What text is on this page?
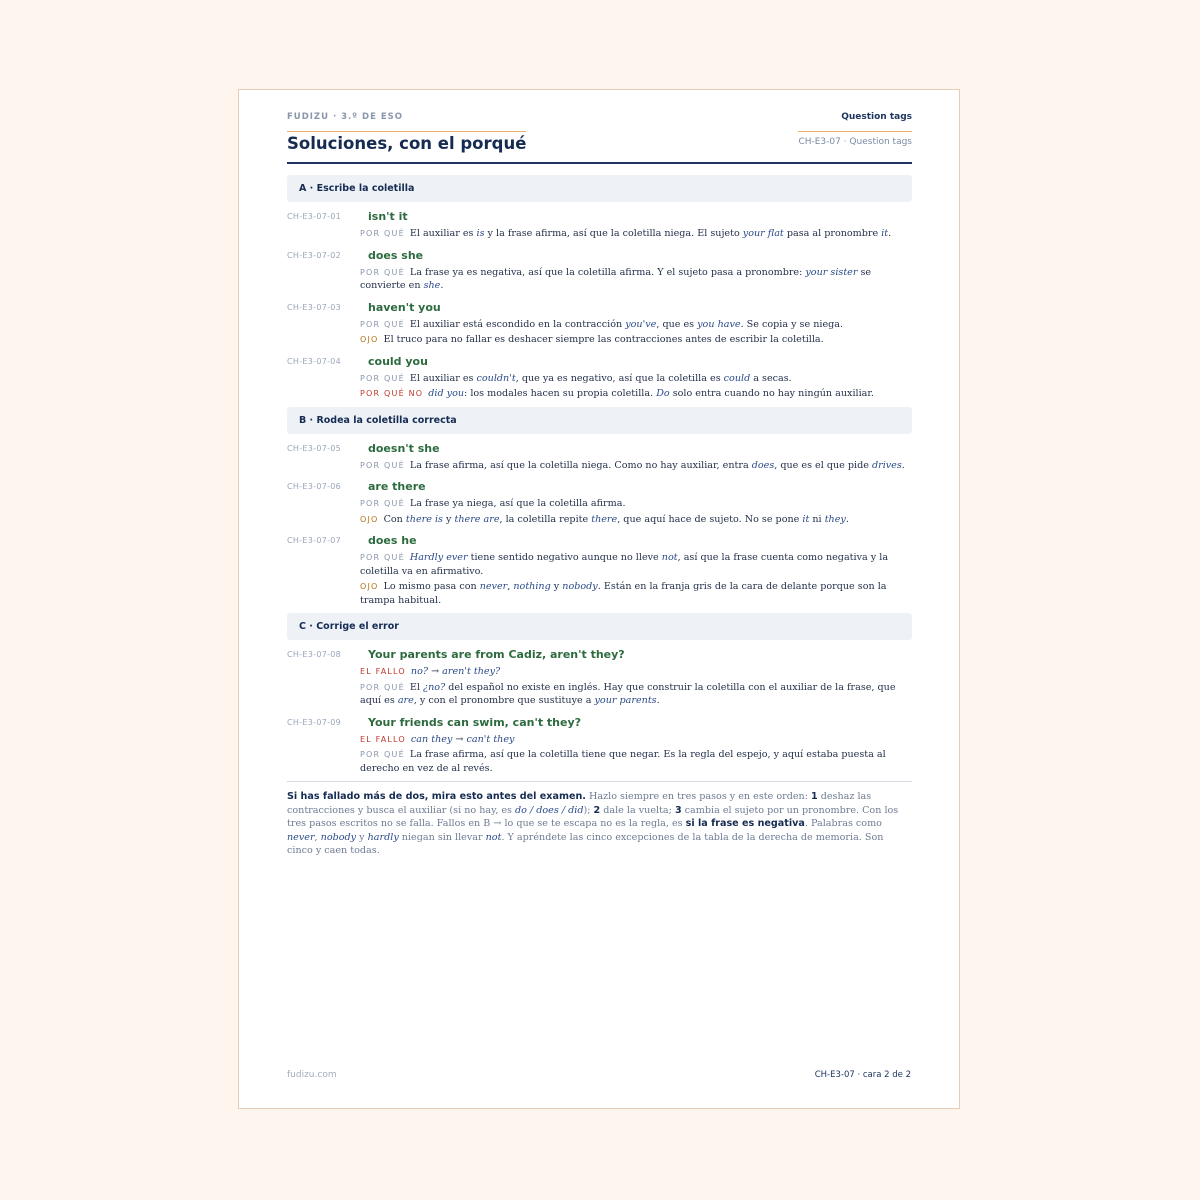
FUDIZU · 3.º DE ESO
Soluciones, con el porqué
Question tags
CH-E3-07 · Question tags
A · Escribe la coletilla
CH-E3-07-01 isn't it
POR QUÉ El auxiliar es is y la frase afirma, así que la coletilla niega. El sujeto your flat pasa al pronombre it.
CH-E3-07-02 does she
POR QUÉ La frase ya es negativa, así que la coletilla afirma. Y el sujeto pasa a pronombre: your sister se convierte en she.
CH-E3-07-03 haven't you
POR QUÉ El auxiliar está escondido en la contracción you've, que es you have. Se copia y se niega.
OJO El truco para no fallar es deshacer siempre las contracciones antes de escribir la coletilla.
CH-E3-07-04 could you
POR QUÉ El auxiliar es couldn't, que ya es negativo, así que la coletilla es could a secas.
POR QUÉ NO did you: los modales hacen su propia coletilla. Do solo entra cuando no hay ningún auxiliar.
B · Rodea la coletilla correcta
CH-E3-07-05 doesn't she
POR QUÉ La frase afirma, así que la coletilla niega. Como no hay auxiliar, entra does, que es el que pide drives.
CH-E3-07-06 are there
POR QUÉ La frase ya niega, así que la coletilla afirma.
OJO Con there is y there are, la coletilla repite there, que aquí hace de sujeto. No se pone it ni they.
CH-E3-07-07 does he
POR QUÉ Hardly ever tiene sentido negativo aunque no lleve not, así que la frase cuenta como negativa y la coletilla va en afirmativo.
OJO Lo mismo pasa con never, nothing y nobody. Están en la franja gris de la cara de delante porque son la trampa habitual.
C · Corrige el error
CH-E3-07-08 Your parents are from Cadiz, aren't they?
EL FALLO no? → aren't they?
POR QUÉ El ¿no? del español no existe en inglés. Hay que construir la coletilla con el auxiliar de la frase, que aquí es are, y con el pronombre que sustituye a your parents.
CH-E3-07-09 Your friends can swim, can't they?
EL FALLO can they → can't they
POR QUÉ La frase afirma, así que la coletilla tiene que negar. Es la regla del espejo, y aquí estaba puesta al derecho en vez de al revés.
Si has fallado más de dos, mira esto antes del examen. Hazlo siempre en tres pasos y en este orden: 1 deshaz las contracciones y busca el auxiliar (si no hay, es do / does / did); 2 dale la vuelta; 3 cambia el sujeto por un pronombre. Con los tres pasos escritos no se falla. Fallos en B → lo que se te escapa no es la regla, es si la frase es negativa. Palabras como never, nobody y hardly niegan sin llevar not. Y apréndete las cinco excepciones de la tabla de la derecha de memoria. Son cinco y caen todas.
fudizu.com	CH-E3-07 · cara 2 de 2
